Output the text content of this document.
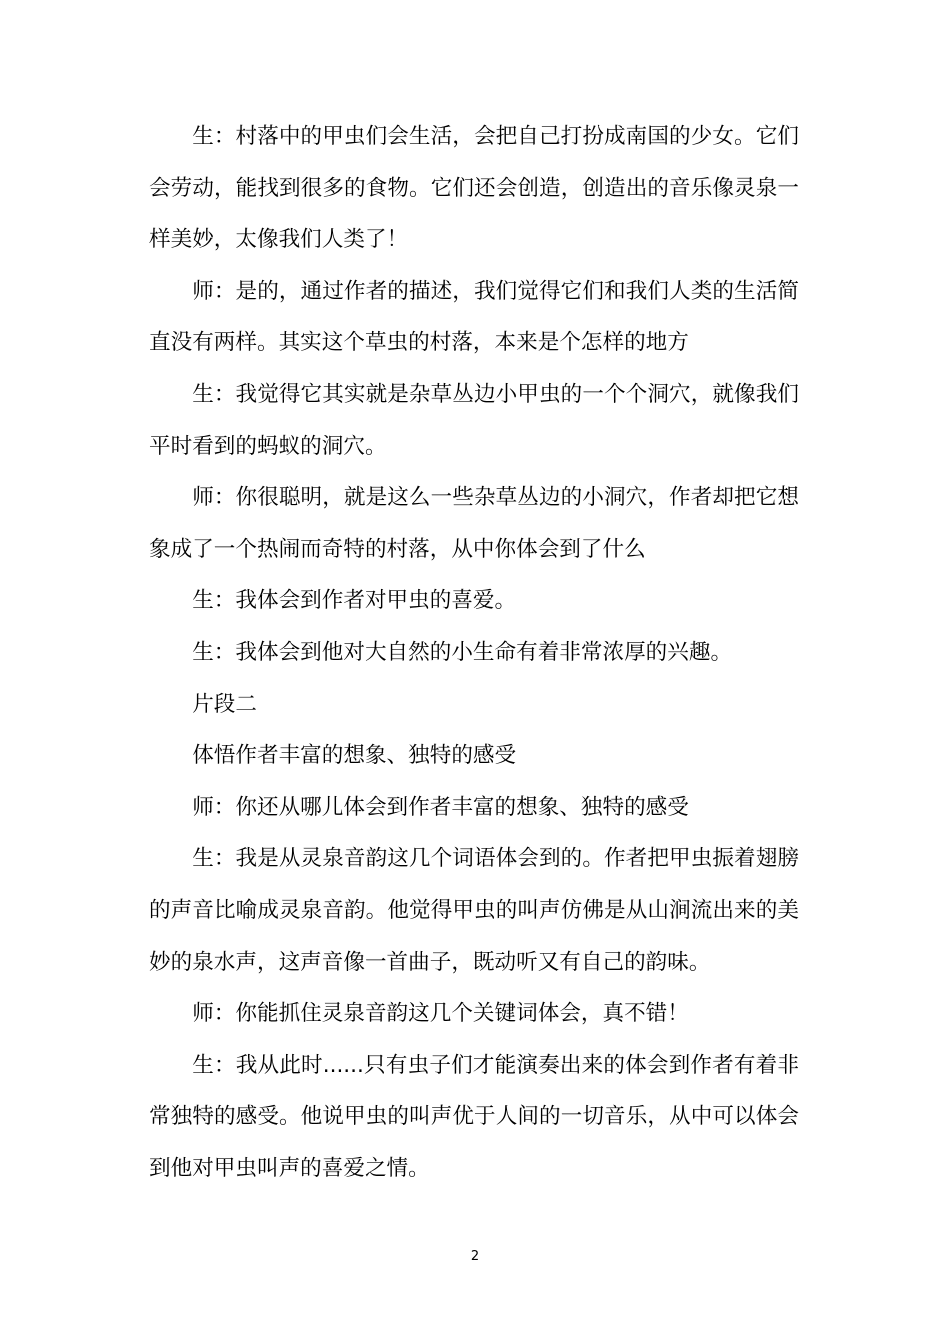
生：村落中的甲虫们会生活，会把自己打扮成南国的少女。它们会劳动，能找到很多的食物。它们还会创造，创造出的音乐像灵泉一样美妙，太像我们人类了！

师：是的，通过作者的描述，我们觉得它们和我们人类的生活简直没有两样。其实这个草虫的村落，本来是个怎样的地方

生：我觉得它其实就是杂草丛边小甲虫的一个个洞穴，就像我们平时看到的蚂蚁的洞穴。

师：你很聪明，就是这么一些杂草丛边的小洞穴，作者却把它想象成了一个热闹而奇特的村落，从中你体会到了什么

生：我体会到作者对甲虫的喜爱。

生：我体会到他对大自然的小生命有着非常浓厚的兴趣。

片段二

体悟作者丰富的想象、独特的感受

师：你还从哪儿体会到作者丰富的想象、独特的感受

生：我是从灵泉音韵这几个词语体会到的。作者把甲虫振着翅膀的声音比喻成灵泉音韵。他觉得甲虫的叫声仿佛是从山涧流出来的美妙的泉水声，这声音像一首曲子，既动听又有自己的韵味。

师：你能抓住灵泉音韵这几个关键词体会，真不错！

生：我从此时......只有虫子们才能演奏出来的体会到作者有着非常独特的感受。他说甲虫的叫声优于人间的一切音乐，从中可以体会到他对甲虫叫声的喜爱之情。

2
